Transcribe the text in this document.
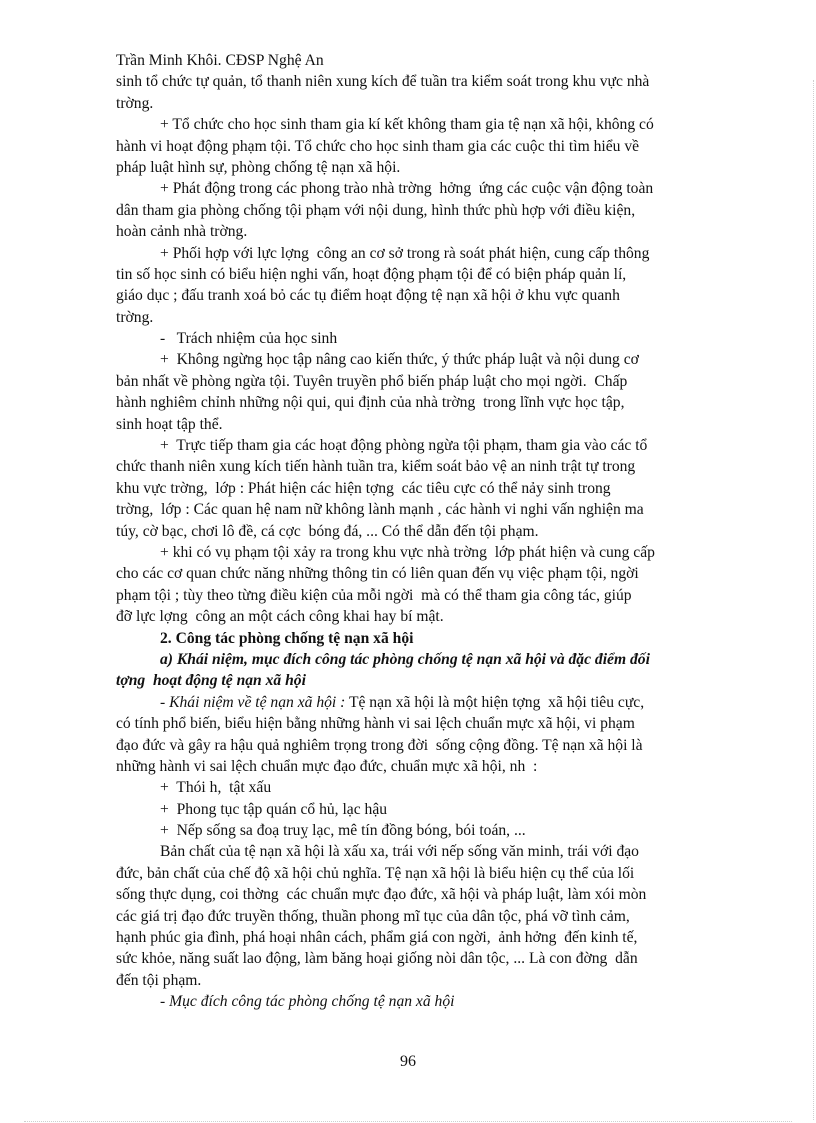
Trần Minh Khôi. CĐSP Nghệ An
sinh tổ chức tự quản, tổ thanh niên xung kích để tuần tra kiểm soát trong khu vực nhà
trờng.
+ Tổ chức cho học sinh tham gia kí kết không tham gia tệ nạn xã hội, không có
hành vi hoạt động phạm tội. Tổ chức cho học sinh tham gia các cuộc thi tìm hiểu về
pháp luật hình sự, phòng chống tệ nạn xã hội.
+ Phát động trong các phong trào nhà trờng  hởng  ứng các cuộc vận động toàn
dân tham gia phòng chống tội phạm với nội dung, hình thức phù hợp với điều kiện,
hoàn cảnh nhà trờng.
+ Phối hợp với lực lợng  công an cơ sở trong rà soát phát hiện, cung cấp thông
tin số học sinh có biểu hiện nghi vấn, hoạt động phạm tội để có biện pháp quản lí,
giáo dục ; đấu tranh xoá bỏ các tụ điểm hoạt động tệ nạn xã hội ở khu vực quanh
trờng.
-   Trách nhiệm của học sinh
+  Không ngừng học tập nâng cao kiến thức, ý thức pháp luật và nội dung cơ
bản nhất về phòng ngừa tội. Tuyên truyền phổ biến pháp luật cho mọi ngời.  Chấp
hành nghiêm chỉnh những nội qui, qui định của nhà trờng  trong lĩnh vực học tập,
sinh hoạt tập thể.
+  Trực tiếp tham gia các hoạt động phòng ngừa tội phạm, tham gia vào các tổ
chức thanh niên xung kích tiến hành tuần tra, kiểm soát bảo vệ an ninh trật tự trong
khu vực trờng,  lớp : Phát hiện các hiện tợng  các tiêu cực có thể nảy sinh trong
trờng,  lớp : Các quan hệ nam nữ không lành mạnh , các hành vi nghi vấn nghiện ma
túy, cờ bạc, chơi lô đề, cá cợc  bóng đá, ... Có thể dẫn đến tội phạm.
+ khi có vụ phạm tội xảy ra trong khu vực nhà trờng  lớp phát hiện và cung cấp
cho các cơ quan chức năng những thông tin có liên quan đến vụ việc phạm tội, ngời
phạm tội ; tùy theo từng điều kiện của mỗi ngời  mà có thể tham gia công tác, giúp
đỡ lực lợng  công an một cách công khai hay bí mật.
2. Công tác phòng chống tệ nạn xã hội
a) Khái niệm, mục đích công tác phòng chống tệ nạn xã hội và đặc điểm đối
tợng  hoạt động tệ nạn xã hội
- Khái niệm về tệ nạn xã hội : Tệ nạn xã hội là một hiện tợng  xã hội tiêu cực,
có tính phổ biến, biểu hiện bằng những hành vi sai lệch chuẩn mực xã hội, vi phạm
đạo đức và gây ra hậu quả nghiêm trọng trong đời  sống cộng đồng. Tệ nạn xã hội là
những hành vi sai lệch chuẩn mực đạo đức, chuẩn mực xã hội, nh  :
+  Thói h,  tật xấu
+  Phong tục tập quán cổ hủ, lạc hậu
+  Nếp sống sa đoạ truỵ lạc, mê tín đồng bóng, bói toán, ...
Bản chất của tệ nạn xã hội là xấu xa, trái với nếp sống văn minh, trái với đạo
đức, bản chất của chế độ xã hội chủ nghĩa. Tệ nạn xã hội là biểu hiện cụ thể của lối
sống thực dụng, coi thờng  các chuẩn mực đạo đức, xã hội và pháp luật, làm xói mòn
các giá trị đạo đức truyền thống, thuần phong mĩ tục của dân tộc, phá vỡ tình cảm,
hạnh phúc gia đình, phá hoại nhân cách, phẩm giá con ngời,  ảnh hởng  đến kinh tế,
sức khỏe, năng suất lao động, làm băng hoại giống nòi dân tộc, ... Là con đờng  dẫn
đến tội phạm.
- Mục đích công tác phòng chống tệ nạn xã hội
96
